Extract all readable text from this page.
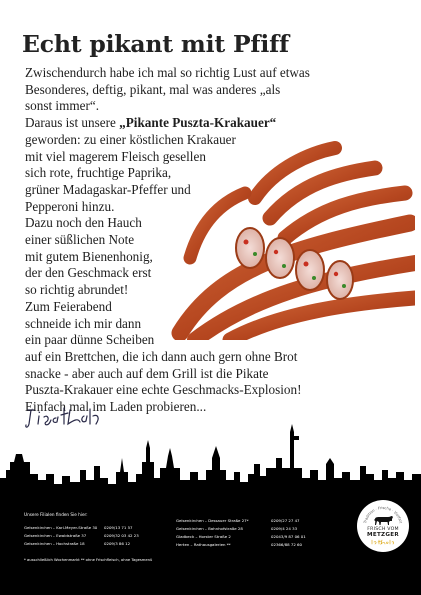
Echt pikant mit Pfiff
Zwischendurch habe ich mal so richtig Lust auf etwas
Besonderes, deftig, pikant, mal was anderes „als
sonst immer“.
Daraus ist unsere „Pikante Puszta-Krakauer“
geworden: zu einer köstlichen Krakauer
mit viel magerem Fleisch gesellen
sich rote, fruchtige Paprika,
grüner Madagaskar-Pfeffer und
Pepperoni hinzu.
Dazu noch den Hauch
einer süßlichen Note
mit gutem Bienenhonig,
der den Geschmack erst
so richtig abrundet!
Zum Feierabend
schneide ich mir dann
ein paar dünne Scheiben
auf ein Brettchen, die ich dann auch gern ohne Brot
snacke - aber auch auf dem Grill ist die Pikate
Puszta-Krakauer eine echte Geschmacks-Explosion!
Einfach mal im Laden probieren...
Unsere Filialen finden Sie hier:
Gelsenkirchen – Karl-Meyer-Straße 30 0209/13 71 57
Gelsenkirchen – Ewaldstraße 37	0209/32 03 42 23
Gelsenkirchen – Hochstraße 18	0209/3 86 12
Gelsenkirchen – Dessauer Straße 27*	0209/27 27 47
Gelsenkirchen – Bahnhofstraße 28	0209/4 24 33
Gladbeck – Horster Straße 2	02043/9 87 06 01
Herten – Rathausgalerien **	02366/88 72 60
* ausschließlich Wochenmarkt ** ohne Frischfleisch, ohne Tagesmenü
Tradition · Frische · Vielfalt
FRISCH VOM
METZGER
